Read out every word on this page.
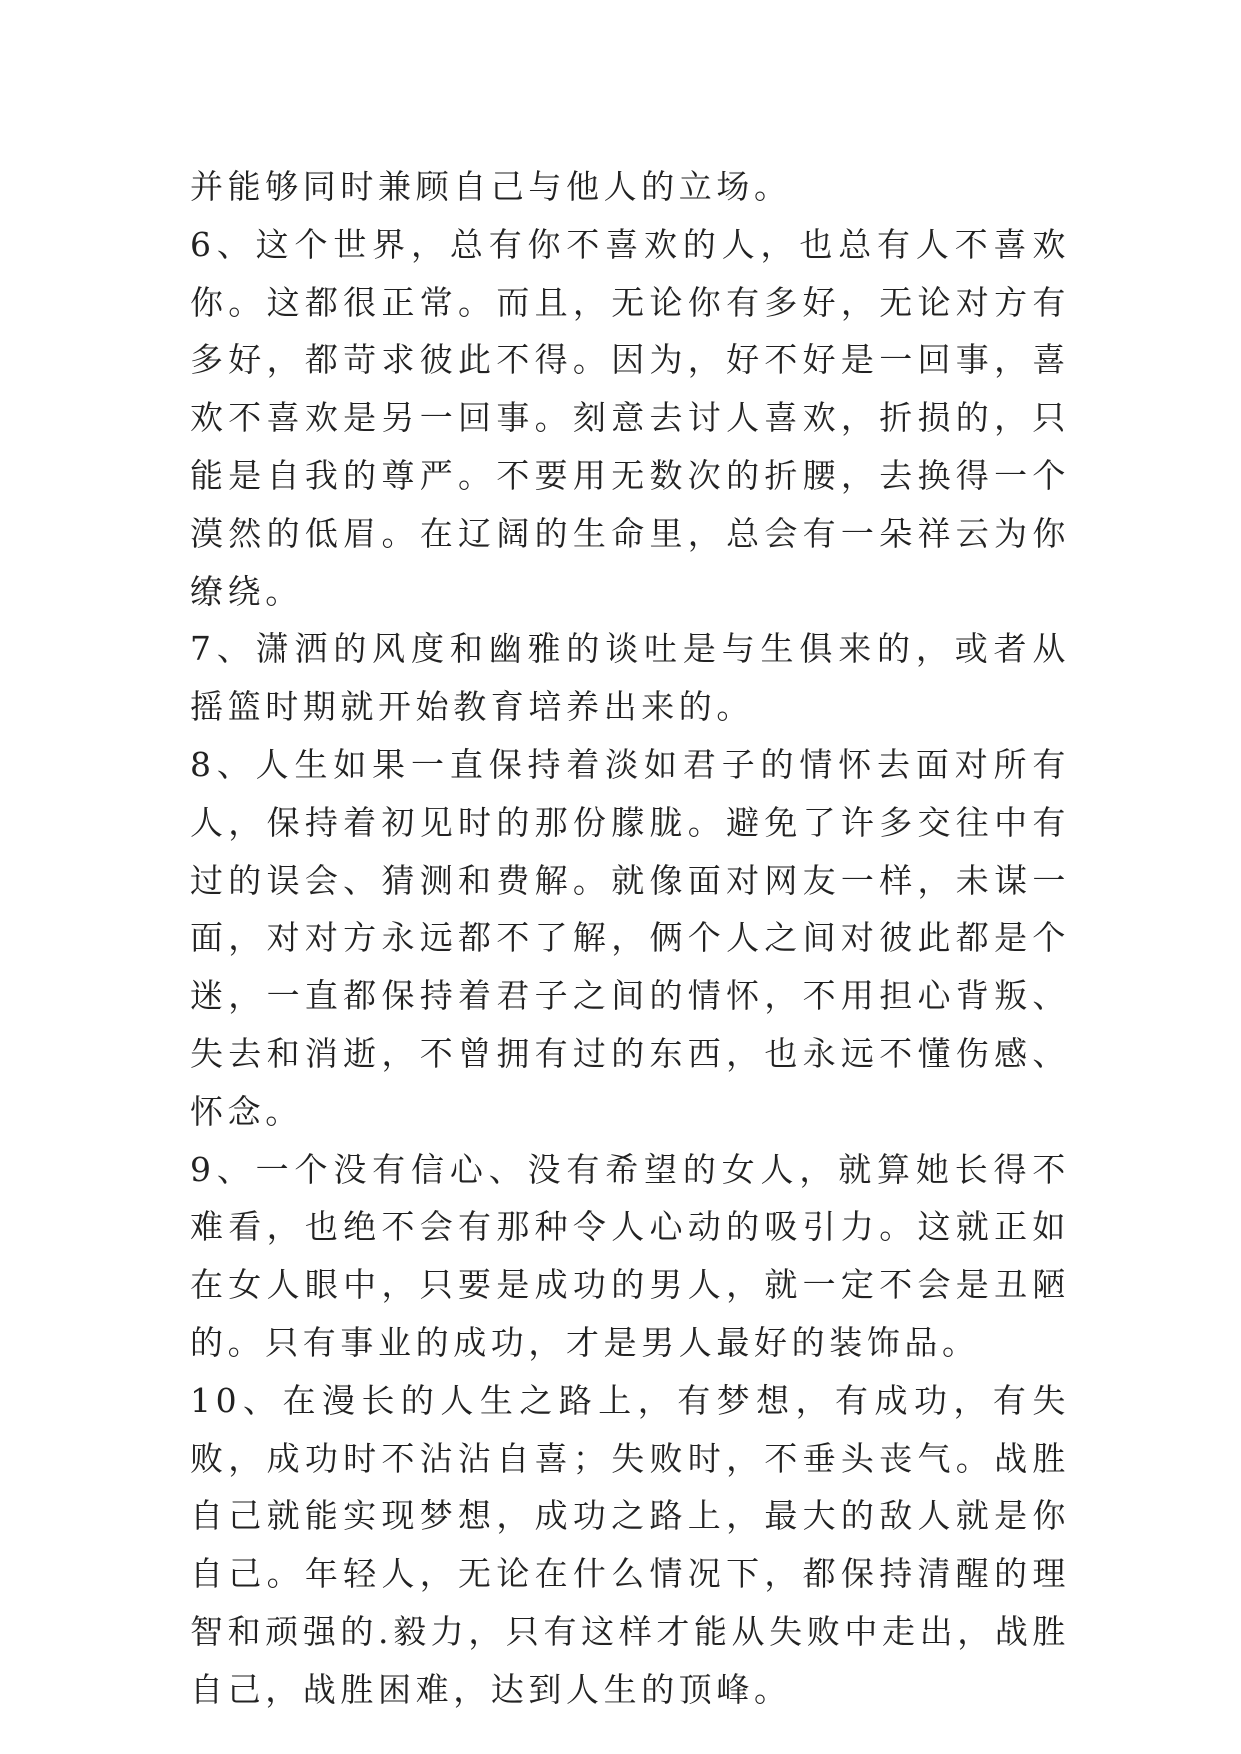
并能够同时兼顾自己与他人的立场。

6、这个世界，总有你不喜欢的人，也总有人不喜欢你。这都很正常。而且，无论你有多好，无论对方有多好，都苛求彼此不得。因为，好不好是一回事，喜欢不喜欢是另一回事。刻意去讨人喜欢，折损的，只能是自我的尊严。不要用无数次的折腰，去换得一个漠然的低眉。在辽阔的生命里，总会有一朵祥云为你缭绕。

7、潇洒的风度和幽雅的谈吐是与生俱来的，或者从摇篮时期就开始教育培养出来的。

8、人生如果一直保持着淡如君子的情怀去面对所有人，保持着初见时的那份朦胧。避免了许多交往中有过的误会、猜测和费解。就像面对网友一样，未谋一面，对对方永远都不了解，俩个人之间对彼此都是个迷，一直都保持着君子之间的情怀，不用担心背叛、失去和消逝，不曾拥有过的东西，也永远不懂伤感、怀念。

9、一个没有信心、没有希望的女人，就算她长得不难看，也绝不会有那种令人心动的吸引力。这就正如在女人眼中，只要是成功的男人，就一定不会是丑陋的。只有事业的成功，才是男人最好的装饰品。

10、在漫长的人生之路上，有梦想，有成功，有失败，成功时不沾沾自喜；失败时，不垂头丧气。战胜自己就能实现梦想，成功之路上，最大的敌人就是你自己。年轻人，无论在什么情况下，都保持清醒的理智和顽强的.毅力，只有这样才能从失败中走出，战胜自己，战胜困难，达到人生的顶峰。
